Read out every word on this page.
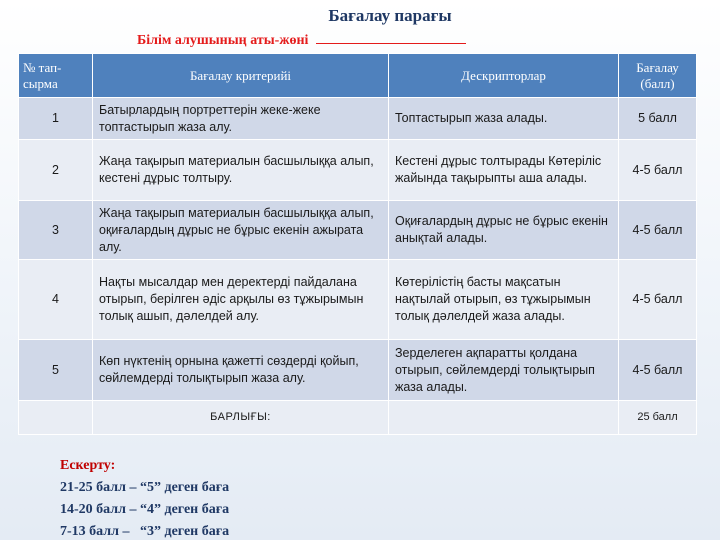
Бағалау парағы
Білім алушының аты-жөні
№ тап-сырма	Бағалау критерийі	Дескрипторлар	Бағалау (балл)
1	Батырлардың портреттерін жеке-жеке топтастырып жаза алу.	Топтастырып жаза алады.	5 балл
2	Жаңа тақырып материалын басшылыққа алып, кестені дұрыс толтыру.	Кестені дұрыс толтырады Көтеріліс жайында тақырыпты аша алады.	4-5 балл
3	Жаңа тақырып материалын басшылыққа алып, оқиғалардың дұрыс не бұрыс екенін ажырата алу.	Оқиғалардың дұрыс не бұрыс екенін анықтай алады.	4-5 балл
4	Нақты мысалдар мен деректерді пайдалана отырып, берілген әдіс арқылы өз тұжырымын толық ашып, дәлелдей алу.	Көтерілістің басты мақсатын нақтылай отырып, өз тұжырымын толық дәлелдей жаза алады.	4-5 балл
5	Көп нүктенің орнына қажетті сөздерді қойып, сөйлемдерді толықтырып жаза алу.	Зерделеген ақпаратты қолдана отырып, сөйлемдерді толықтырып жаза алады.	4-5 балл
	БАРЛЫҒЫ:		25 балл
Ескерту:
21-25 балл – “5” деген баға
14-20 балл – “4” деген баға
7-13 балл –   “3” деген баға
